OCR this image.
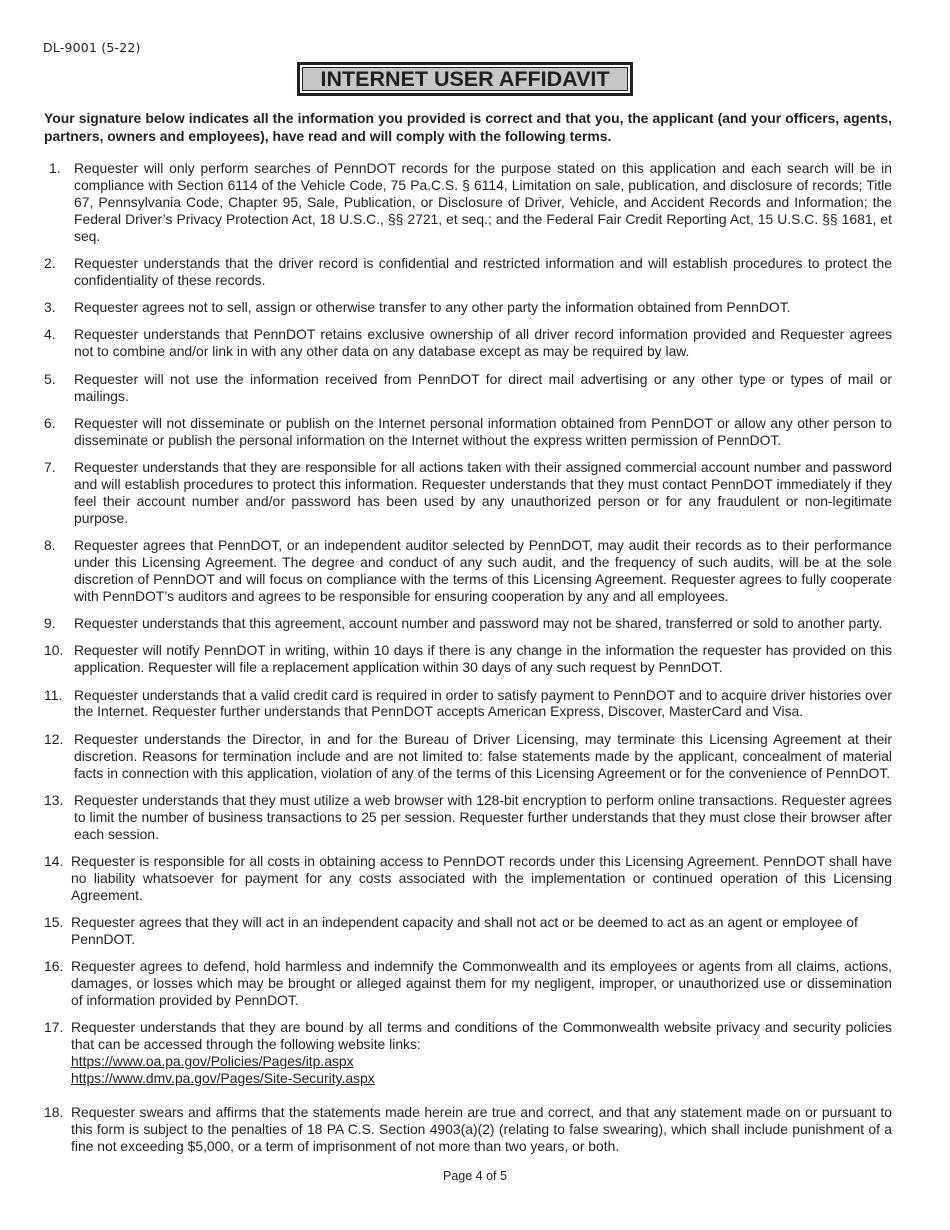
DL-9001 (5-22)
INTERNET USER AFFIDAVIT
Your signature below indicates all the information you provided is correct and that you, the applicant (and your officers, agents, partners, owners and employees), have read and will comply with the following terms.
1. Requester will only perform searches of PennDOT records for the purpose stated on this application and each search will be in compliance with Section 6114 of the Vehicle Code, 75 Pa.C.S. § 6114, Limitation on sale, publication, and disclosure of records; Title 67, Pennsylvania Code, Chapter 95, Sale, Publication, or Disclosure of Driver, Vehicle, and Accident Records and Information; the Federal Driver’s Privacy Protection Act, 18 U.S.C., §§ 2721, et seq.; and the Federal Fair Credit Reporting Act, 15 U.S.C. §§ 1681, et seq.
2. Requester understands that the driver record is confidential and restricted information and will establish procedures to protect the confidentiality of these records.
3. Requester agrees not to sell, assign or otherwise transfer to any other party the information obtained from PennDOT.
4. Requester understands that PennDOT retains exclusive ownership of all driver record information provided and Requester agrees not to combine and/or link in with any other data on any database except as may be required by law.
5. Requester will not use the information received from PennDOT for direct mail advertising or any other type or types of mail or mailings.
6. Requester will not disseminate or publish on the Internet personal information obtained from PennDOT or allow any other person to disseminate or publish the personal information on the Internet without the express written permission of PennDOT.
7. Requester understands that they are responsible for all actions taken with their assigned commercial account number and password and will establish procedures to protect this information. Requester understands that they must contact PennDOT immediately if they feel their account number and/or password has been used by any unauthorized person or for any fraudulent or non-legitimate purpose.
8. Requester agrees that PennDOT, or an independent auditor selected by PennDOT, may audit their records as to their performance under this Licensing Agreement. The degree and conduct of any such audit, and the frequency of such audits, will be at the sole discretion of PennDOT and will focus on compliance with the terms of this Licensing Agreement. Requester agrees to fully cooperate with PennDOT’s auditors and agrees to be responsible for ensuring cooperation by any and all employees.
9. Requester understands that this agreement, account number and password may not be shared, transferred or sold to another party.
10. Requester will notify PennDOT in writing, within 10 days if there is any change in the information the requester has provided on this application. Requester will file a replacement application within 30 days of any such request by PennDOT.
11. Requester understands that a valid credit card is required in order to satisfy payment to PennDOT and to acquire driver histories over the Internet. Requester further understands that PennDOT accepts American Express, Discover, MasterCard and Visa.
12. Requester understands the Director, in and for the Bureau of Driver Licensing, may terminate this Licensing Agreement at their discretion. Reasons for termination include and are not limited to: false statements made by the applicant, concealment of material facts in connection with this application, violation of any of the terms of this Licensing Agreement or for the convenience of PennDOT.
13. Requester understands that they must utilize a web browser with 128-bit encryption to perform online transactions. Requester agrees to limit the number of business transactions to 25 per session. Requester further understands that they must close their browser after each session.
14. Requester is responsible for all costs in obtaining access to PennDOT records under this Licensing Agreement. PennDOT shall have no liability whatsoever for payment for any costs associated with the implementation or continued operation of this Licensing Agreement.
15. Requester agrees that they will act in an independent capacity and shall not act or be deemed to act as an agent or employee of PennDOT.
16. Requester agrees to defend, hold harmless and indemnify the Commonwealth and its employees or agents from all claims, actions, damages, or losses which may be brought or alleged against them for my negligent, improper, or unauthorized use or dissemination of information provided by PennDOT.
17. Requester understands that they are bound by all terms and conditions of the Commonwealth website privacy and security policies that can be accessed through the following website links:
https://www.oa.pa.gov/Policies/Pages/itp.aspx
https://www.dmv.pa.gov/Pages/Site-Security.aspx
18. Requester swears and affirms that the statements made herein are true and correct, and that any statement made on or pursuant to this form is subject to the penalties of 18 PA C.S. Section 4903(a)(2) (relating to false swearing), which shall include punishment of a fine not exceeding $5,000, or a term of imprisonment of not more than two years, or both.
Page 4 of 5
